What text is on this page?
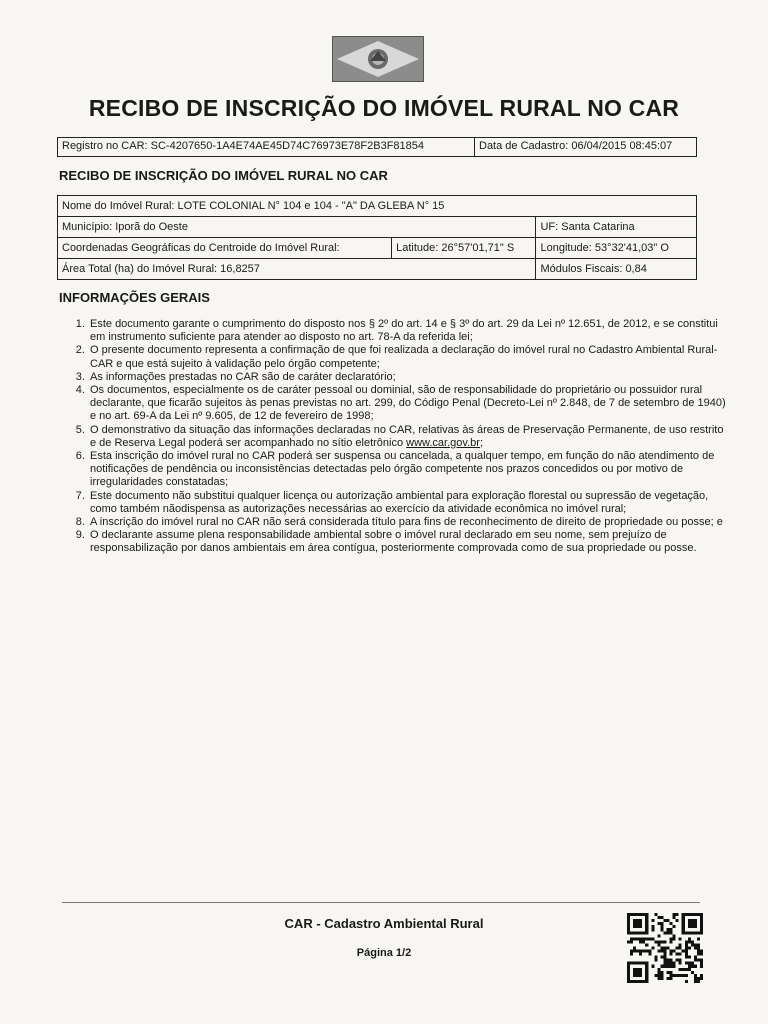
RECIBO DE INSCRIÇÃO DO IMÓVEL RURAL NO CAR
Registro no CAR: SC-4207650-1A4E74AE45D74C76973E78F2B3F81854	Data de Cadastro: 06/04/2015 08:45:07
RECIBO DE INSCRIÇÃO DO IMÓVEL RURAL NO CAR
Nome do Imóvel Rural: LOTE COLONIAL N° 104 e 104 - "A" DA GLEBA N° 15		
Município: Iporã do Oeste		UF: Santa Catarina
Coordenadas Geográficas do Centroide do Imóvel Rural:	Latitude: 26°57'01,71" S	Longitude: 53°32'41,03" O
Área Total (ha) do Imóvel Rural: 16,8257		Módulos Fiscais: 0,84
INFORMAÇÕES GERAIS
1. Este documento garante o cumprimento do disposto nos § 2º do art. 14 e § 3º do art. 29 da Lei nº 12.651, de 2012, e se constitui em instrumento suficiente para atender ao disposto no art. 78-A da referida lei;
2. O presente documento representa a confirmação de que foi realizada a declaração do imóvel rural no Cadastro Ambiental Rural-CAR e que está sujeito à validação pelo órgão competente;
3. As informações prestadas no CAR são de caráter declaratório;
4. Os documentos, especialmente os de caráter pessoal ou dominial, são de responsabilidade do proprietário ou possuidor rural declarante, que ficarão sujeitos às penas previstas no art. 299, do Código Penal (Decreto-Lei nº 2.848, de 7 de setembro de 1940) e no art. 69-A da Lei nº 9.605, de 12 de fevereiro de 1998;
5. O demonstrativo da situação das informações declaradas no CAR, relativas às áreas de Preservação Permanente, de uso restrito e de Reserva Legal poderá ser acompanhado no sítio eletrônico www.car.gov.br;
6. Esta inscrição do imóvel rural no CAR poderá ser suspensa ou cancelada, a qualquer tempo, em função do não atendimento de notificações de pendência ou inconsistências detectadas pelo órgão competente nos prazos concedidos ou por motivo de irregularidades constatadas;
7. Este documento não substitui qualquer licença ou autorização ambiental para exploração florestal ou supressão de vegetação, como também nãodispensa as autorizações necessárias ao exercício da atividade econômica no imóvel rural;
8. A inscrição do imóvel rural no CAR não será considerada título para fins de reconhecimento de direito de propriedade ou posse; e
9. O declarante assume plena responsabilidade ambiental sobre o imóvel rural declarado em seu nome, sem prejuízo de responsabilização por danos ambientais em área contígua, posteriormente comprovada como de sua propriedade ou posse.
CAR - Cadastro Ambiental Rural
Página 1/2
